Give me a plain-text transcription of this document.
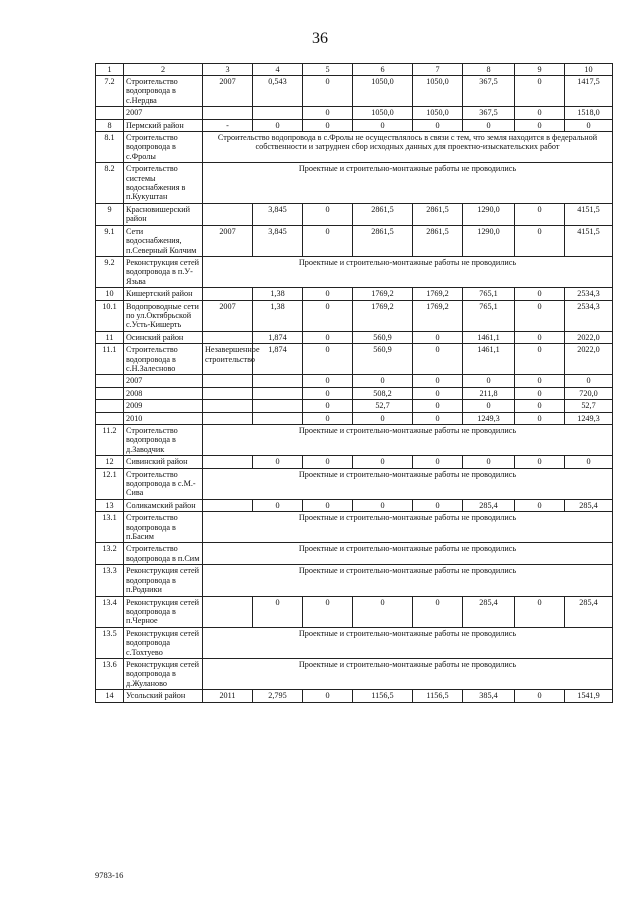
36
1	2	3	4	5	6	7	8	9	10
7.2	Строительство водопровода в с.Нердва	2007	0,543	0	1050,0	1050,0	367,5	0	1417,5
	2007			0	1050,0	1050,0	367,5	0	1518,0
8	Пермский район	-	0	0	0	0	0	0	0
8.1	Строительство водопровода в с.Фролы	Строительство водопровода в с.Фролы не осуществлялось в связи с тем, что земля находится в федеральной собственности и затруднен сбор исходных данных для проектно-изыскательских работ							
8.2	Строительство системы водоснабжения в п.Кукуштан	Проектные и строительно-монтажные работы не проводились							
9	Красновишерский район		3,845	0	2861,5	2861,5	1290,0	0	4151,5
9.1	Сети водоснабжения, п.Северный Колчим	2007	3,845	0	2861,5	2861,5	1290,0	0	4151,5
9.2	Реконструкция сетей водопровода в п.У-Язьва	Проектные и строительно-монтажные работы не проводились							
10	Кишертский район		1,38	0	1769,2	1769,2	765,1	0	2534,3
10.1	Водопроводные сети по ул.Октябрьской с.Усть-Кишерть	2007	1,38	0	1769,2	1769,2	765,1	0	2534,3
11	Осинский район		1,874	0	560,9	0	1461,1	0	2022,0
11.1	Строительство водопровода в с.Н.Залесново	Незавершенное строительство	1,874	0	560,9	0	1461,1	0	2022,0
	2007			0	0	0	0	0	0
	2008			0	508,2	0	211,8	0	720,0
	2009			0	52,7	0	0	0	52,7
	2010			0	0	0	1249,3	0	1249,3
11.2	Строительство водопровода в д.Заводчик	Проектные и строительно-монтажные работы не проводились							
12	Сивинский район		0	0	0	0	0	0	0
12.1	Строительство водопровода в с.М.-Сива	Проектные и строительно-монтажные работы не проводились							
13	Соликамский район		0	0	0	0	285,4	0	285,4
13.1	Строительство водопровода в п.Басим	Проектные и строительно-монтажные работы не проводились							
13.2	Строительство водопровода в п.Сим	Проектные и строительно-монтажные работы не проводились							
13.3	Реконструкция сетей водопровода в п.Родники	Проектные и строительно-монтажные работы не проводились							
13.4	Реконструкция сетей водопровода в п.Черное		0	0	0	0	285,4	0	285,4
13.5	Реконструкция сетей водопровода с.Тохтуево	Проектные и строительно-монтажные работы не проводились							
13.6	Реконструкция сетей водопровода в д.Жуланово	Проектные и строительно-монтажные работы не проводились							
14	Усольский район	2011	2,795	0	1156,5	1156,5	385,4	0	1541,9
9783-16
